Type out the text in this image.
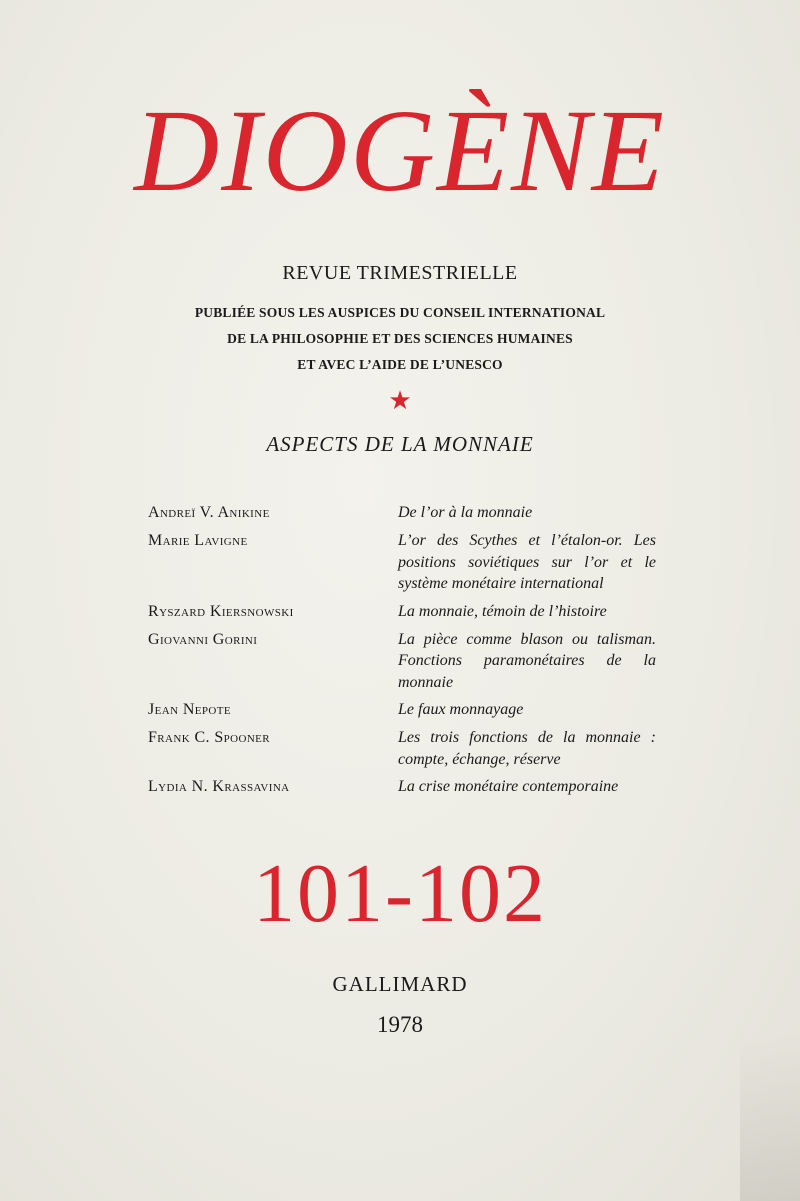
DIOGÈNE
REVUE TRIMESTRIELLE
PUBLIÉE SOUS LES AUSPICES DU CONSEIL INTERNATIONAL
DE LA PHILOSOPHIE ET DES SCIENCES HUMAINES
ET AVEC L’AIDE DE L’UNESCO
★
ASPECTS DE LA MONNAIE
Andreï V. Anikine	De l’or à la monnaie
Marie Lavigne	L’or des Scythes et l’étalon-or. Les positions soviétiques sur l’or et le système monétaire international
Ryszard Kiersnowski	La monnaie, témoin de l’histoire
Giovanni Gorini	La pièce comme blason ou talisman. Fonctions paramonétaires de la monnaie
Jean Nepote	Le faux monnayage
Frank C. Spooner	Les trois fonctions de la monnaie : compte, échange, réserve
Lydia N. Krassavina	La crise monétaire contemporaine
101-102
GALLIMARD
1978
